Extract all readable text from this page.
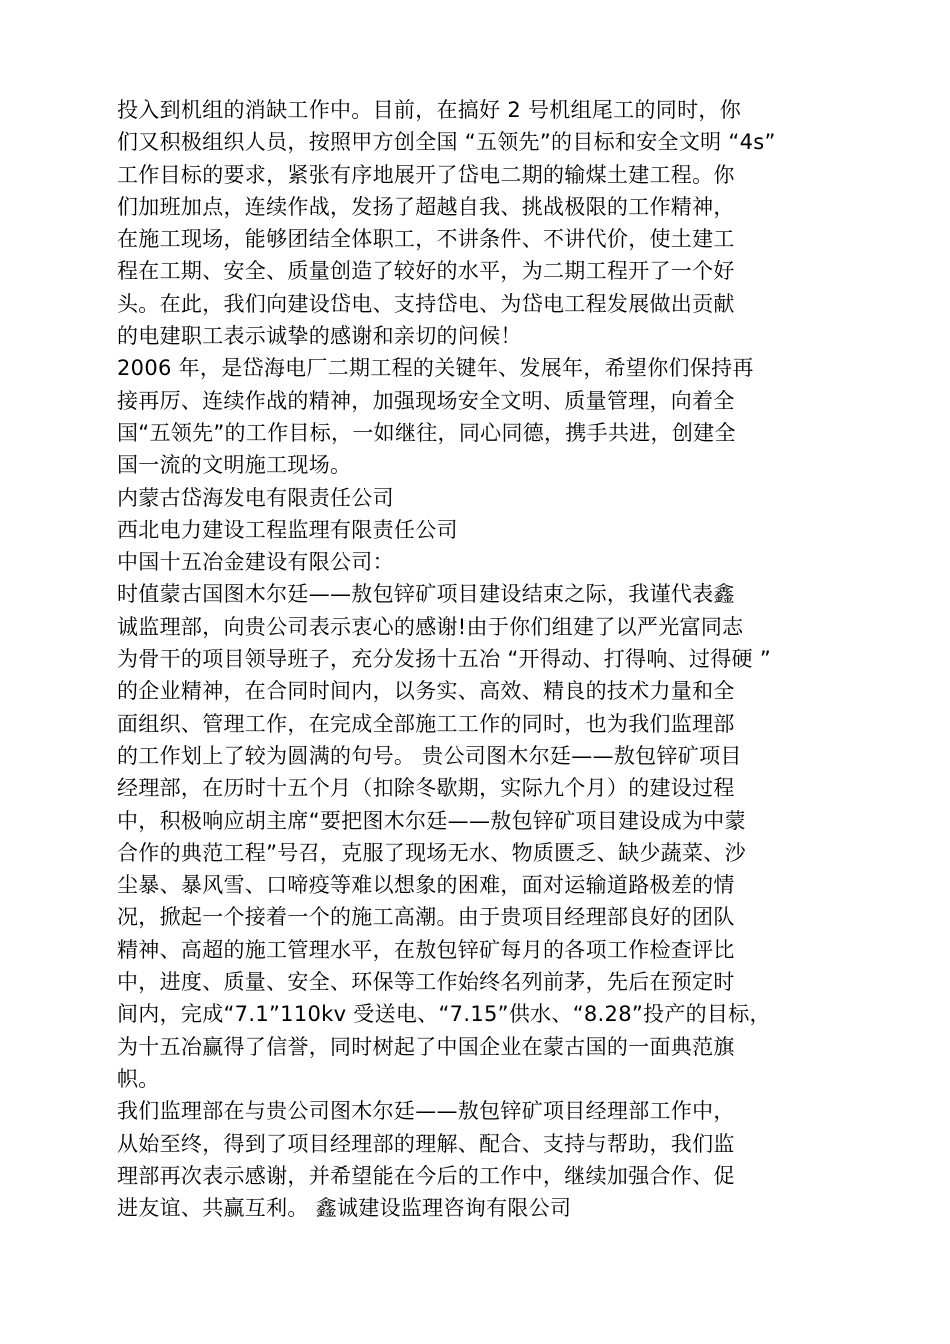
投入到机组的消缺工作中。目前，在搞好 2 号机组尾工的同时，你
们又积极组织人员，按照甲方创全国 “五领先”的目标和安全文明 “4s”
工作目标的要求，紧张有序地展开了岱电二期的输煤土建工程。你
们加班加点，连续作战，发扬了超越自我、挑战极限的工作精神，
在施工现场，能够团结全体职工，不讲条件、不讲代价，使土建工
程在工期、安全、质量创造了较好的水平，为二期工程开了一个好
头。在此，我们向建设岱电、支持岱电、为岱电工程发展做出贡献
的电建职工表示诚挚的感谢和亲切的问候！
2006 年，是岱海电厂二期工程的关键年、发展年，希望你们保持再
接再厉、连续作战的精神，加强现场安全文明、质量管理，向着全
国“五领先”的工作目标，一如继往，同心同德，携手共进，创建全
国一流的文明施工现场。
内蒙古岱海发电有限责任公司
西北电力建设工程监理有限责任公司
中国十五冶金建设有限公司：
时值蒙古国图木尔廷——敖包锌矿项目建设结束之际，我谨代表鑫
诚监理部，向贵公司表示衷心的感谢!由于你们组建了以严光富同志
为骨干的项目领导班子，充分发扬十五冶 “开得动、打得响、过得硬 ”
的企业精神，在合同时间内，以务实、高效、精良的技术力量和全
面组织、管理工作，在完成全部施工工作的同时，也为我们监理部
的工作划上了较为圆满的句号。 贵公司图木尔廷——敖包锌矿项目
经理部，在历时十五个月（扣除冬歇期，实际九个月）的建设过程
中，积极响应胡主席“要把图木尔廷——敖包锌矿项目建设成为中蒙
合作的典范工程”号召，克服了现场无水、物质匮乏、缺少蔬菜、沙
尘暴、暴风雪、口啼疫等难以想象的困难，面对运输道路极差的情
况，掀起一个接着一个的施工高潮。由于贵项目经理部良好的团队
精神、高超的施工管理水平，在敖包锌矿每月的各项工作检查评比
中，进度、质量、安全、环保等工作始终名列前茅，先后在预定时
间内，完成“7.1”110kv 受送电、“7.15”供水、“8.28”投产的目标，
为十五冶赢得了信誉，同时树起了中国企业在蒙古国的一面典范旗
帜。
我们监理部在与贵公司图木尔廷——敖包锌矿项目经理部工作中，
从始至终，得到了项目经理部的理解、配合、支持与帮助，我们监
理部再次表示感谢，并希望能在今后的工作中，继续加强合作、促
进友谊、共赢互利。 鑫诚建设监理咨询有限公司
